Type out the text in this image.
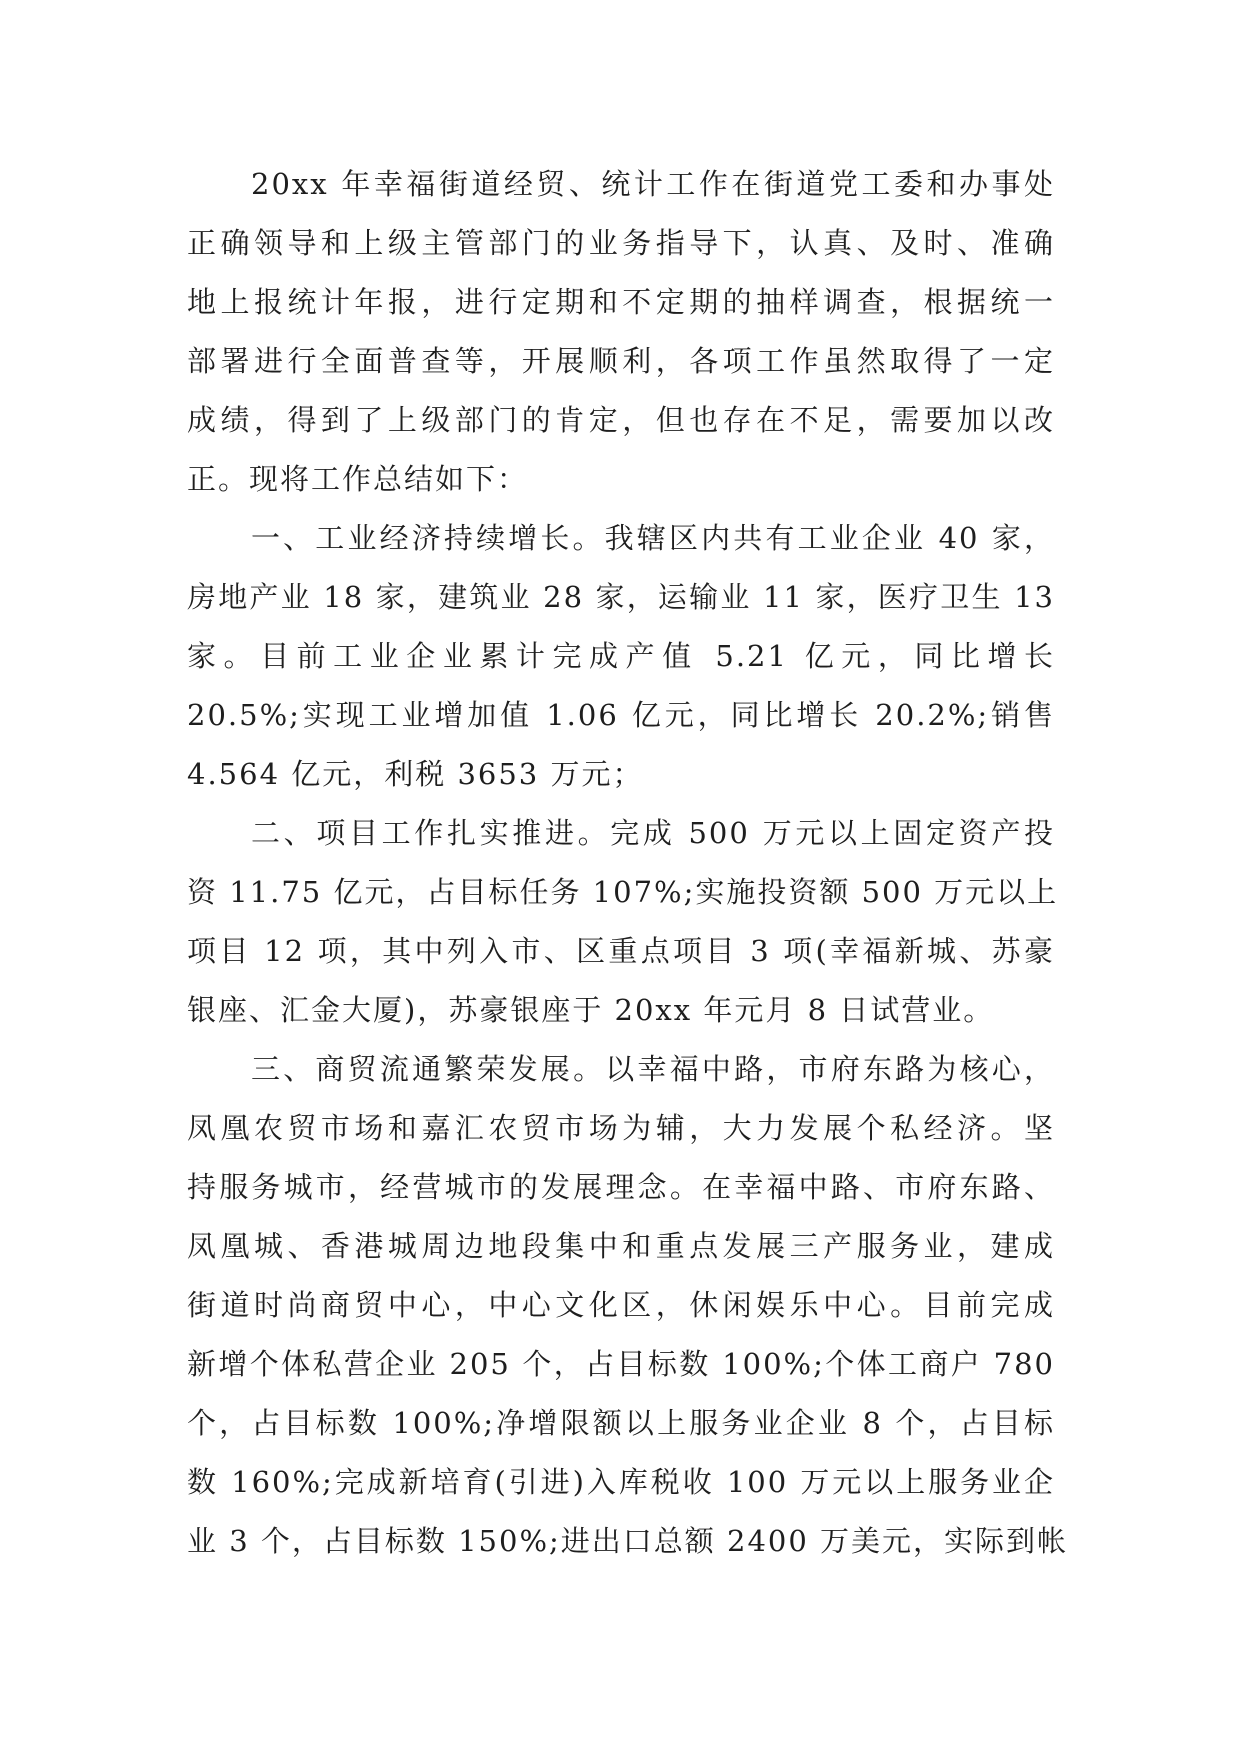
20xx 年幸福街道经贸、统计工作在街道党工委和办事处
正确领导和上级主管部门的业务指导下，认真、及时、准确
地上报统计年报，进行定期和不定期的抽样调查，根据统一
部署进行全面普查等，开展顺利，各项工作虽然取得了一定
成绩，得到了上级部门的肯定，但也存在不足，需要加以改
正。现将工作总结如下：
一、工业经济持续增长。我辖区内共有工业企业 40 家，
房地产业 18 家，建筑业 28 家，运输业 11 家，医疗卫生 13
家。目前工业企业累计完成产值 5.21 亿元，同比增长
20.5%;实现工业增加值 1.06 亿元，同比增长 20.2%;销售
4.564 亿元，利税 3653 万元；
二、项目工作扎实推进。完成 500 万元以上固定资产投
资 11.75 亿元，占目标任务 107%;实施投资额 500 万元以上
项目 12 项，其中列入市、区重点项目 3 项(幸福新城、苏豪
银座、汇金大厦)，苏豪银座于 20xx 年元月 8 日试营业。
三、商贸流通繁荣发展。以幸福中路，市府东路为核心，
凤凰农贸市场和嘉汇农贸市场为辅，大力发展个私经济。坚
持服务城市，经营城市的发展理念。在幸福中路、市府东路、
凤凰城、香港城周边地段集中和重点发展三产服务业，建成
街道时尚商贸中心，中心文化区，休闲娱乐中心。目前完成
新增个体私营企业 205 个，占目标数 100%;个体工商户 780
个，占目标数 100%;净增限额以上服务业企业 8 个，占目标
数 160%;完成新培育(引进)入库税收 100 万元以上服务业企
业 3 个，占目标数 150%;进出口总额 2400 万美元，实际到帐
